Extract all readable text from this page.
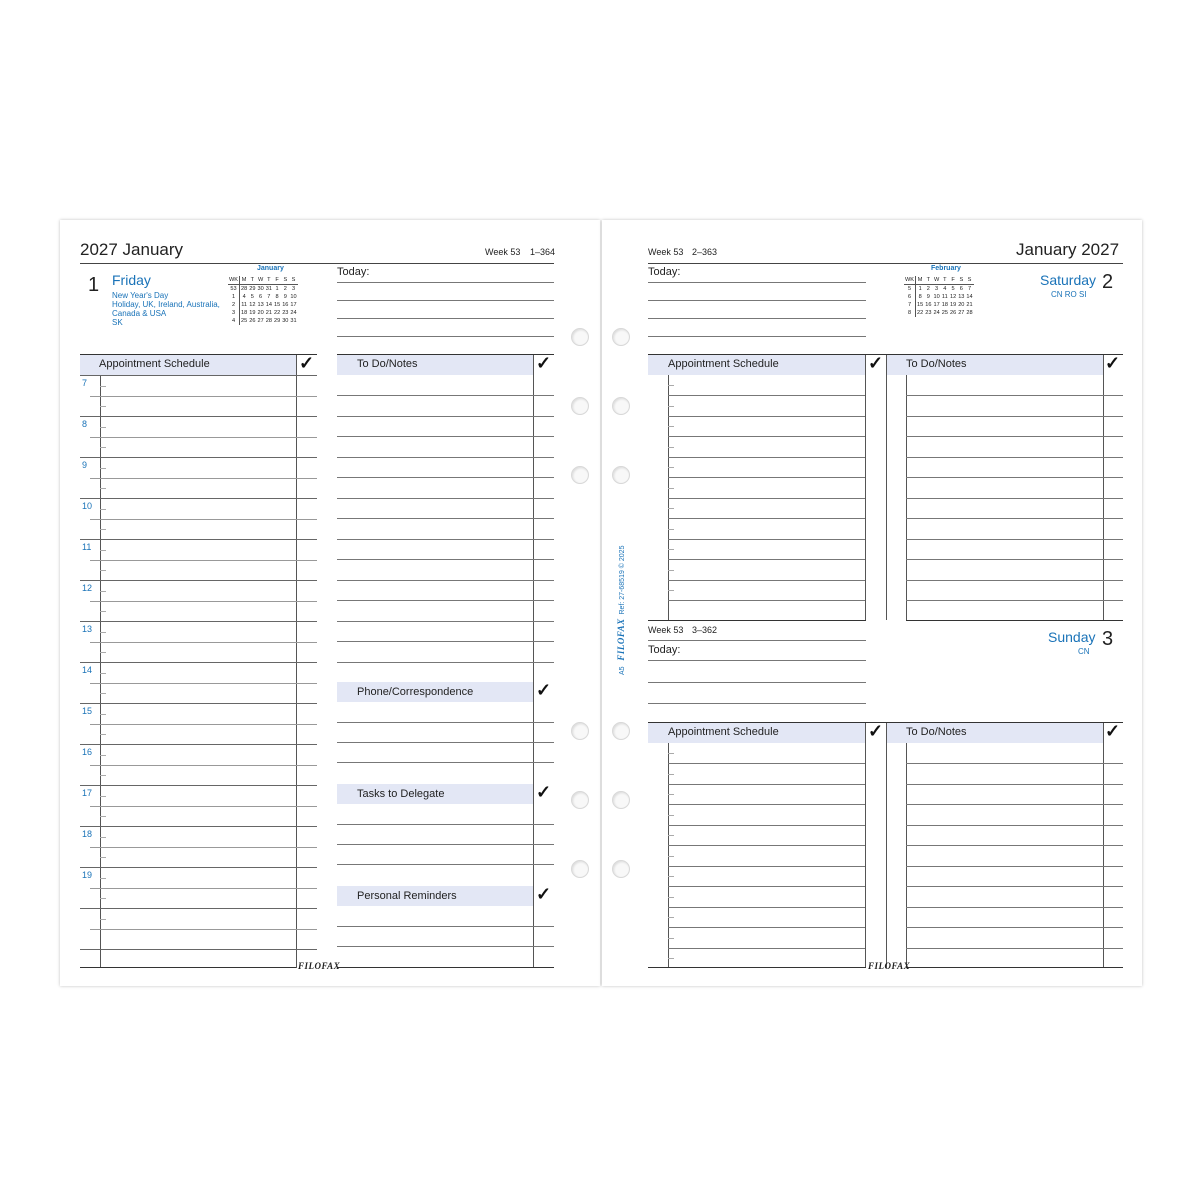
2027 January	Week 53 1–364
1 Friday
New Year's Day
Holiday, UK, Ireland, Australia,
Canada & USA
SK
January
WK	M	T	W	T	F	S	S
53	28	29	30	31	1	2	3
1	4	5	6	7	8	9	10
2	11	12	13	14	15	16	17
3	18	19	20	21	22	23	24
4	25	26	27	28	29	30	31
Today:
Appointment Schedule	✓
7
8
9
10
11
12
13
14
15
16
17
18
19
To Do/Notes	✓
Phone/Correspondence	✓
Tasks to Delegate	✓
Personal Reminders	✓
FILOFAX
Week 53 2–363	January 2027
Today:	February
WK	M	T	W	T	F	S	S
5	1	2	3	4	5	6	7
6	8	9	10	11	12	13	14
7	15	16	17	18	19	20	21
8	22	23	24	25	26	27	28
Saturday 2
CN RO SI
Appointment Schedule	✓ To Do/Notes	✓
Week 53 3–362
Today:
Sunday 3
CN
Appointment Schedule	✓ To Do/Notes	✓
FILOFAX
A5   FILOFAX  Ref: 27-68519 © 2025
